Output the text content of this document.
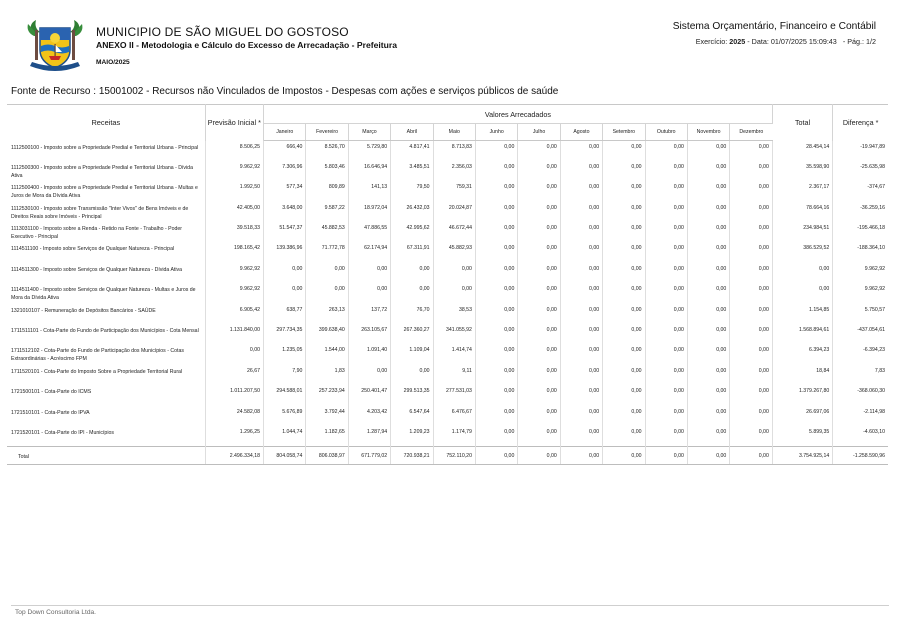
MUNICIPIO DE SÃO MIGUEL DO GOSTOSO
ANEXO II - Metodologia e Cálculo do Excesso de Arrecadação - Prefeitura
MAIO/2025
Sistema Orçamentário, Financeiro e Contábil
Exercício: 2025 - Data: 01/07/2025 15:09:43 - Pág.: 1/2
Fonte de Recurso : 15001002 - Recursos não Vinculados de Impostos - Despesas com ações e serviços públicos de saúde
Receitas	Previsão Inicial *	Valores Arrecadados												Total	Diferença *
		Janeiro	Fevereiro	Março	Abril	Maio	Junho	Julho	Agosto	Setembro	Outubro	Novembro	Dezembro		
1112500100 - Imposto sobre a Propriedade Predial e Territorial Urbana - Principal	8.506,25	666,40	8.526,70	5.729,80	4.817,41	8.713,83	0,00	0,00	0,00	0,00	0,00	0,00	0,00	28.454,14	-19.947,89
1112500300 - Imposto sobre a Propriedade Predial e Territorial Urbana - Dívida Ativa	9.962,92	7.306,96	5.803,46	16.646,94	3.485,51	2.356,03	0,00	0,00	0,00	0,00	0,00	0,00	0,00	35.598,90	-25.635,98
1112500400 - Imposto sobre a Propriedade Predial e Territorial Urbana - Multas e Juros de Mora da Dívida Ativa	1.992,50	577,34	809,89	141,13	79,50	759,31	0,00	0,00	0,00	0,00	0,00	0,00	0,00	2.367,17	-374,67
1112530100 - Imposto sobre Transmissão "Inter Vivos" de Bens Imóveis e de Direitos Reais sobre Imóveis - Principal	42.405,00	3.648,00	9.587,22	18.972,04	26.432,03	20.024,87	0,00	0,00	0,00	0,00	0,00	0,00	0,00	78.664,16	-36.259,16
1113031100 - Imposto sobre a Renda - Retido na Fonte - Trabalho - Poder Executivo - Principal	39.518,33	51.547,37	45.882,53	47.886,55	42.995,62	46.672,44	0,00	0,00	0,00	0,00	0,00	0,00	0,00	234.984,51	-195.466,18
1114511100 - Imposto sobre Serviços de Qualquer Natureza - Principal	198.165,42	139.386,96	71.772,78	62.174,94	67.311,91	45.882,93	0,00	0,00	0,00	0,00	0,00	0,00	0,00	386.529,52	-188.364,10
1114511300 - Imposto sobre Serviços de Qualquer Natureza - Dívida Ativa	9.962,92	0,00	0,00	0,00	0,00	0,00	0,00	0,00	0,00	0,00	0,00	0,00	0,00	0,00	9.962,92
1114511400 - Imposto sobre Serviços de Qualquer Natureza - Multas e Juros de Mora da Dívida Ativa	9.962,92	0,00	0,00	0,00	0,00	0,00	0,00	0,00	0,00	0,00	0,00	0,00	0,00	0,00	9.962,92
1321010107 - Remuneração de Depósitos Bancários - SAÚDE	6.905,42	638,77	263,13	137,72	76,70	38,53	0,00	0,00	0,00	0,00	0,00	0,00	0,00	1.154,85	5.750,57
1711511101 - Cota-Parte do Fundo de Participação dos Municípios - Cota Mensal	1.131.840,00	297.734,35	399.638,40	263.105,67	267.360,27	341.055,92	0,00	0,00	0,00	0,00	0,00	0,00	0,00	1.568.894,61	-437.054,61
1711512102 - Cota-Parte do Fundo de Participação dos Municípios - Cotas Extraordinárias - Acréscimo FPM	0,00	1.235,05	1.544,00	1.091,40	1.109,04	1.414,74	0,00	0,00	0,00	0,00	0,00	0,00	0,00	6.394,23	-6.394,23
1711520101 - Cota-Parte do Imposto Sobre a Propriedade Territorial Rural	26,67	7,90	1,83	0,00	0,00	9,11	0,00	0,00	0,00	0,00	0,00	0,00	0,00	18,84	7,83
1721500101 - Cota-Parte do ICMS	1.011.207,50	294.588,01	257.233,94	250.401,47	299.513,35	277.531,03	0,00	0,00	0,00	0,00	0,00	0,00	0,00	1.379.267,80	-368.060,30
1721510101 - Cota-Parte do IPVA	24.582,08	5.676,89	3.792,44	4.203,42	6.547,64	6.476,67	0,00	0,00	0,00	0,00	0,00	0,00	0,00	26.697,06	-2.114,98
1721520101 - Cota-Parte do IPI - Municípios	1.296,25	1.044,74	1.182,65	1.287,94	1.209,23	1.174,79	0,00	0,00	0,00	0,00	0,00	0,00	0,00	5.899,35	-4.603,10
Total	2.496.334,18	804.058,74	806.038,97	671.779,02	720.938,21	752.110,20	0,00	0,00	0,00	0,00	0,00	0,00	0,00	3.754.925,14	-1.258.590,96
Top Down Consultoria Ltda.
